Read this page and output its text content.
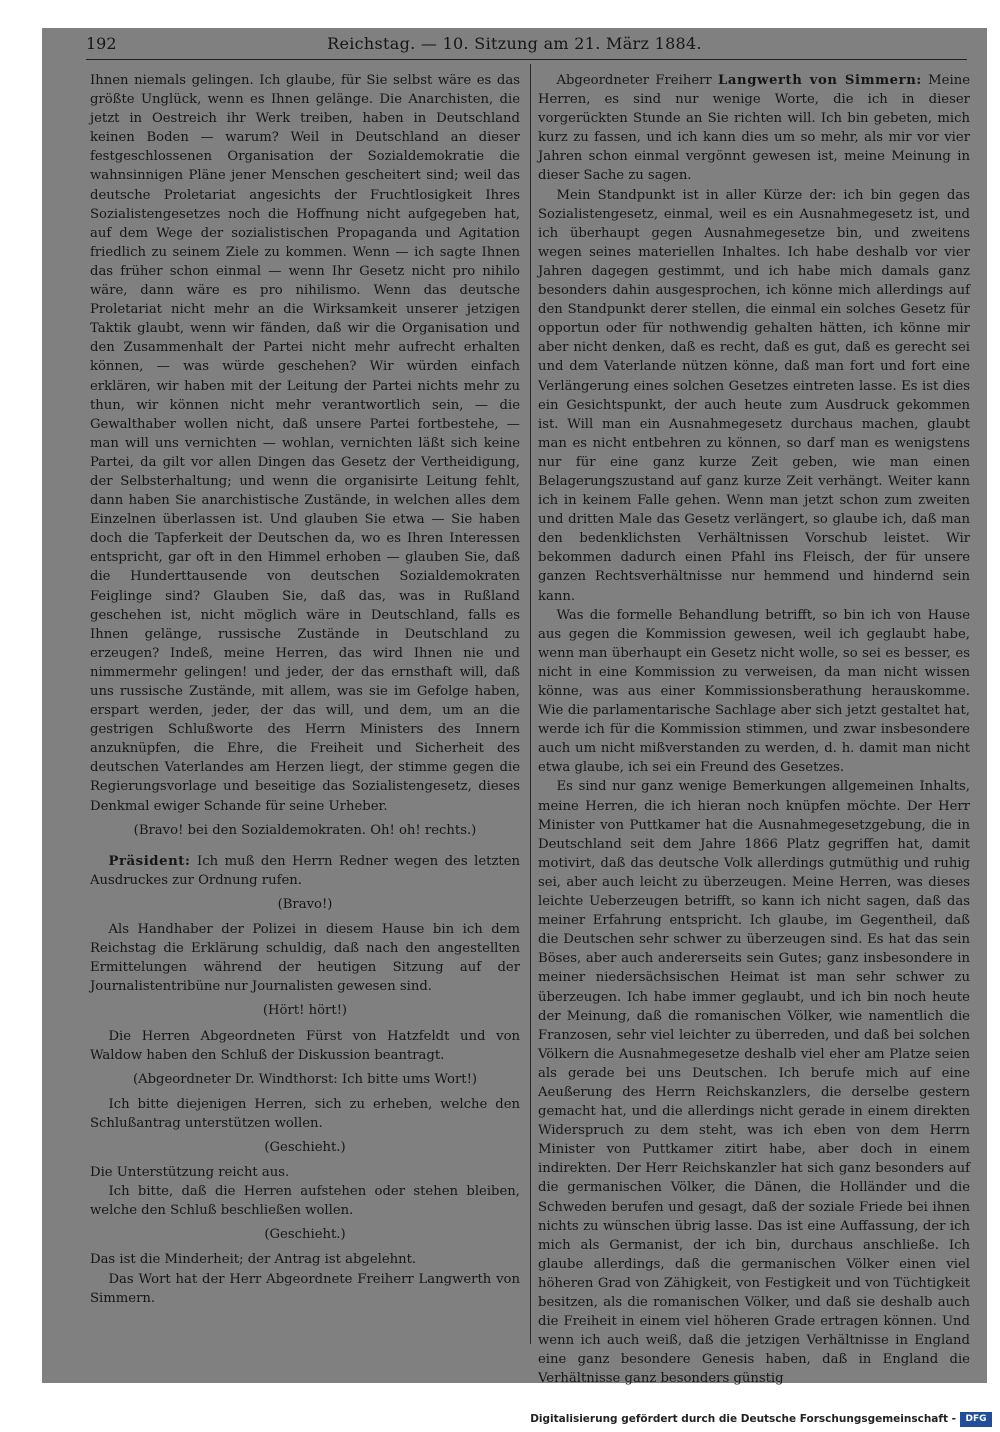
192	Reichstag. — 10. Sitzung am 21. März 1884.

Ihnen niemals gelingen. Ich glaube, für Sie selbst wäre es das größte Unglück, wenn es Ihnen gelänge. Die Anarchisten, die jetzt in Oestreich ihr Werk treiben, haben in Deutschland keinen Boden — warum? Weil in Deutschland an dieser festgeschlossenen Organisation der Sozialdemokratie die wahnsinnigen Pläne jener Menschen gescheitert sind; weil das deutsche Proletariat angesichts der Fruchtlosigkeit Ihres Sozialistengesetzes noch die Hoffnung nicht aufgegeben hat, auf dem Wege der sozialistischen Propaganda und Agitation friedlich zu seinem Ziele zu kommen. Wenn — ich sagte Ihnen das früher schon einmal — wenn Ihr Gesetz nicht pro nihilo wäre, dann wäre es pro nihilismo. Wenn das deutsche Proletariat nicht mehr an die Wirksamkeit unserer jetzigen Taktik glaubt, wenn wir fänden, daß wir die Organisation und den Zusammenhalt der Partei nicht mehr aufrecht erhalten können, — was würde geschehen? Wir würden einfach erklären, wir haben mit der Leitung der Partei nichts mehr zu thun, wir können nicht mehr verantwortlich sein, — die Gewalthaber wollen nicht, daß unsere Partei fortbestehe, — man will uns vernichten — wohlan, vernichten läßt sich keine Partei, da gilt vor allen Dingen das Gesetz der Vertheidigung, der Selbsterhaltung; und wenn die organisirte Leitung fehlt, dann haben Sie anarchistische Zustände, in welchen alles dem Einzelnen überlassen ist. Und glauben Sie etwa — Sie haben doch die Tapferkeit der Deutschen da, wo es Ihren Interessen entspricht, gar oft in den Himmel erhoben — glauben Sie, daß die Hunderttausende von deutschen Sozialdemokraten Feiglinge sind? Glauben Sie, daß das, was in Rußland geschehen ist, nicht möglich wäre in Deutschland, falls es Ihnen gelänge, russische Zustände in Deutschland zu erzeugen? Indeß, meine Herren, das wird Ihnen nie und nimmermehr gelingen! und jeder, der das ernsthaft will, daß uns russische Zustände, mit allem, was sie im Gefolge haben, erspart werden, jeder, der das will, und dem, um an die gestrigen Schlußworte des Herrn Ministers des Innern anzuknüpfen, die Ehre, die Freiheit und Sicherheit des deutschen Vaterlandes am Herzen liegt, der stimme gegen die Regierungsvorlage und beseitige das Sozialistengesetz, dieses Denkmal ewiger Schande für seine Urheber.

(Bravo! bei den Sozialdemokraten. Oh! oh! rechts.)

Präsident: Ich muß den Herrn Redner wegen des letzten Ausdruckes zur Ordnung rufen.

(Bravo!)

Als Handhaber der Polizei in diesem Hause bin ich dem Reichstag die Erklärung schuldig, daß nach den angestellten Ermittelungen während der heutigen Sitzung auf der Journalistentribüne nur Journalisten gewesen sind.

(Hört! hört!)

Die Herren Abgeordneten Fürst von Hatzfeldt und von Waldow haben den Schluß der Diskussion beantragt.

(Abgeordneter Dr. Windthorst: Ich bitte ums Wort!)

Ich bitte diejenigen Herren, sich zu erheben, welche den Schlußantrag unterstützen wollen.

(Geschieht.)

Die Unterstützung reicht aus.

Ich bitte, daß die Herren aufstehen oder stehen bleiben, welche den Schluß beschließen wollen.

(Geschieht.)

Das ist die Minderheit; der Antrag ist abgelehnt.

Das Wort hat der Herr Abgeordnete Freiherr Langwerth von Simmern.

Abgeordneter Freiherr Langwerth von Simmern: Meine Herren, es sind nur wenige Worte, die ich in dieser vorgerückten Stunde an Sie richten will. Ich bin gebeten, mich kurz zu fassen, und ich kann dies um so mehr, als mir vor vier Jahren schon einmal vergönnt gewesen ist, meine Meinung in dieser Sache zu sagen.

Mein Standpunkt ist in aller Kürze der: ich bin gegen das Sozialistengesetz, einmal, weil es ein Ausnahmegesetz ist, und ich überhaupt gegen Ausnahmegesetze bin, und zweitens wegen seines materiellen Inhaltes. Ich habe deshalb vor vier Jahren dagegen gestimmt, und ich habe mich damals ganz besonders dahin ausgesprochen, ich könne mich allerdings auf den Standpunkt derer stellen, die einmal ein solches Gesetz für opportun oder für nothwendig gehalten hätten, ich könne mir aber nicht denken, daß es recht, daß es gut, daß es gerecht sei und dem Vaterlande nützen könne, daß man fort und fort eine Verlängerung eines solchen Gesetzes eintreten lasse. Es ist dies ein Gesichtspunkt, der auch heute zum Ausdruck gekommen ist. Will man ein Ausnahmegesetz durchaus machen, glaubt man es nicht entbehren zu können, so darf man es wenigstens nur für eine ganz kurze Zeit geben, wie man einen Belagerungszustand auf ganz kurze Zeit verhängt. Weiter kann ich in keinem Falle gehen. Wenn man jetzt schon zum zweiten und dritten Male das Gesetz verlängert, so glaube ich, daß man den bedenklichsten Verhältnissen Vorschub leistet. Wir bekommen dadurch einen Pfahl ins Fleisch, der für unsere ganzen Rechtsverhältnisse nur hemmend und hindernd sein kann.

Was die formelle Behandlung betrifft, so bin ich von Hause aus gegen die Kommission gewesen, weil ich geglaubt habe, wenn man überhaupt ein Gesetz nicht wolle, so sei es besser, es nicht in eine Kommission zu verweisen, da man nicht wissen könne, was aus einer Kommissionsberathung herauskomme. Wie die parlamentarische Sachlage aber sich jetzt gestaltet hat, werde ich für die Kommission stimmen, und zwar insbesondere auch um nicht mißverstanden zu werden, d. h. damit man nicht etwa glaube, ich sei ein Freund des Gesetzes.

Es sind nur ganz wenige Bemerkungen allgemeinen Inhalts, meine Herren, die ich hieran noch knüpfen möchte. Der Herr Minister von Puttkamer hat die Ausnahmegesetzgebung, die in Deutschland seit dem Jahre 1866 Platz gegriffen hat, damit motivirt, daß das deutsche Volk allerdings gutmüthig und ruhig sei, aber auch leicht zu überzeugen. Meine Herren, was dieses leichte Ueberzeugen betrifft, so kann ich nicht sagen, daß das meiner Erfahrung entspricht. Ich glaube, im Gegentheil, daß die Deutschen sehr schwer zu überzeugen sind. Es hat das sein Böses, aber auch andererseits sein Gutes; ganz insbesondere in meiner niedersächsischen Heimat ist man sehr schwer zu überzeugen. Ich habe immer geglaubt, und ich bin noch heute der Meinung, daß die romanischen Völker, wie namentlich die Franzosen, sehr viel leichter zu überreden, und daß bei solchen Völkern die Ausnahmegesetze deshalb viel eher am Platze seien als gerade bei uns Deutschen. Ich berufe mich auf eine Aeußerung des Herrn Reichskanzlers, die derselbe gestern gemacht hat, und die allerdings nicht gerade in einem direkten Widerspruch zu dem steht, was ich eben von dem Herrn Minister von Puttkamer zitirt habe, aber doch in einem indirekten. Der Herr Reichskanzler hat sich ganz besonders auf die germanischen Völker, die Dänen, die Holländer und die Schweden berufen und gesagt, daß der soziale Friede bei ihnen nichts zu wünschen übrig lasse. Das ist eine Auffassung, der ich mich als Germanist, der ich bin, durchaus anschließe. Ich glaube allerdings, daß die germanischen Völker einen viel höheren Grad von Zähigkeit, von Festigkeit und von Tüchtigkeit besitzen, als die romanischen Völker, und daß sie deshalb auch die Freiheit in einem viel höheren Grade ertragen können. Und wenn ich auch weiß, daß die jetzigen Verhältnisse in England eine ganz besondere Genesis haben, daß in England die Verhältnisse ganz besonders günstig

Digitalisierung gefördert durch die Deutsche Forschungsgemeinschaft -	DFG
